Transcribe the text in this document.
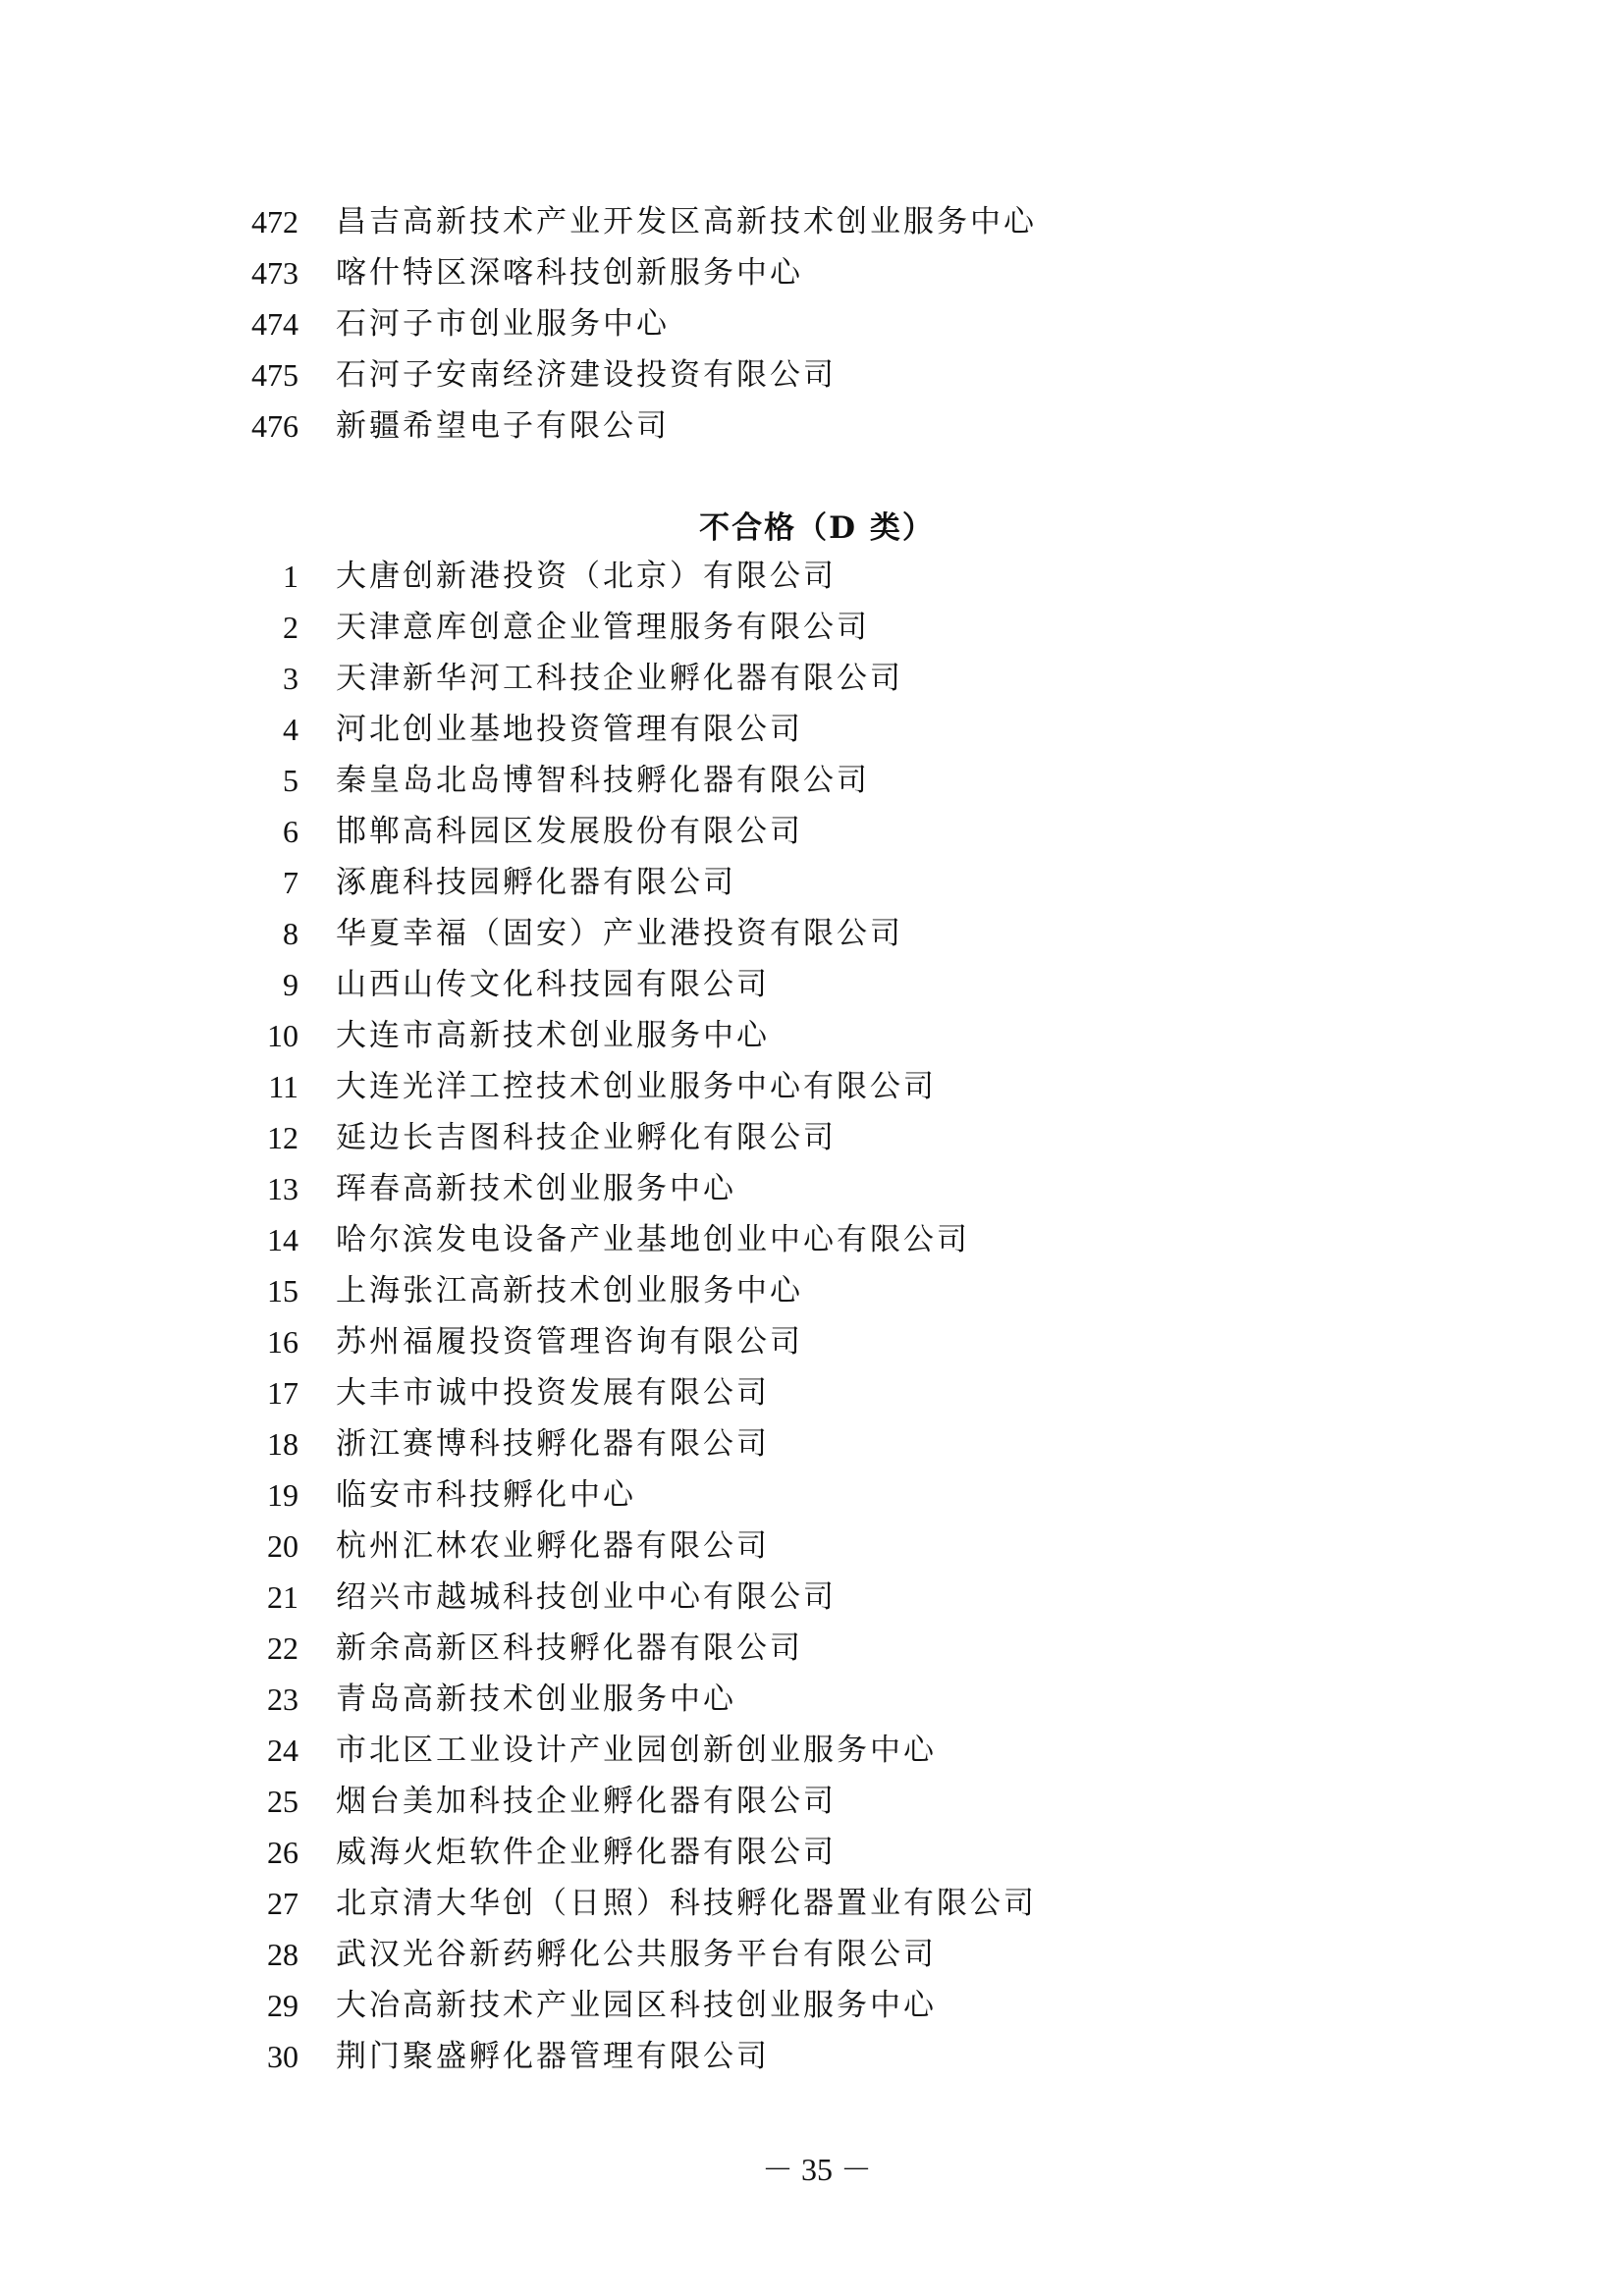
472 昌吉高新技术产业开发区高新技术创业服务中心
473 喀什特区深喀科技创新服务中心
474 石河子市创业服务中心
475 石河子安南经济建设投资有限公司
476 新疆希望电子有限公司
不合格（D 类）
1 大唐创新港投资（北京）有限公司
2 天津意库创意企业管理服务有限公司
3 天津新华河工科技企业孵化器有限公司
4 河北创业基地投资管理有限公司
5 秦皇岛北岛博智科技孵化器有限公司
6 邯郸高科园区发展股份有限公司
7 涿鹿科技园孵化器有限公司
8 华夏幸福（固安）产业港投资有限公司
9 山西山传文化科技园有限公司
10 大连市高新技术创业服务中心
11 大连光洋工控技术创业服务中心有限公司
12 延边长吉图科技企业孵化有限公司
13 珲春高新技术创业服务中心
14 哈尔滨发电设备产业基地创业中心有限公司
15 上海张江高新技术创业服务中心
16 苏州福履投资管理咨询有限公司
17 大丰市诚中投资发展有限公司
18 浙江赛博科技孵化器有限公司
19 临安市科技孵化中心
20 杭州汇林农业孵化器有限公司
21 绍兴市越城科技创业中心有限公司
22 新余高新区科技孵化器有限公司
23 青岛高新技术创业服务中心
24 市北区工业设计产业园创新创业服务中心
25 烟台美加科技企业孵化器有限公司
26 威海火炬软件企业孵化器有限公司
27 北京清大华创（日照）科技孵化器置业有限公司
28 武汉光谷新药孵化公共服务平台有限公司
29 大冶高新技术产业园区科技创业服务中心
30 荆门聚盛孵化器管理有限公司
－ 35 －
